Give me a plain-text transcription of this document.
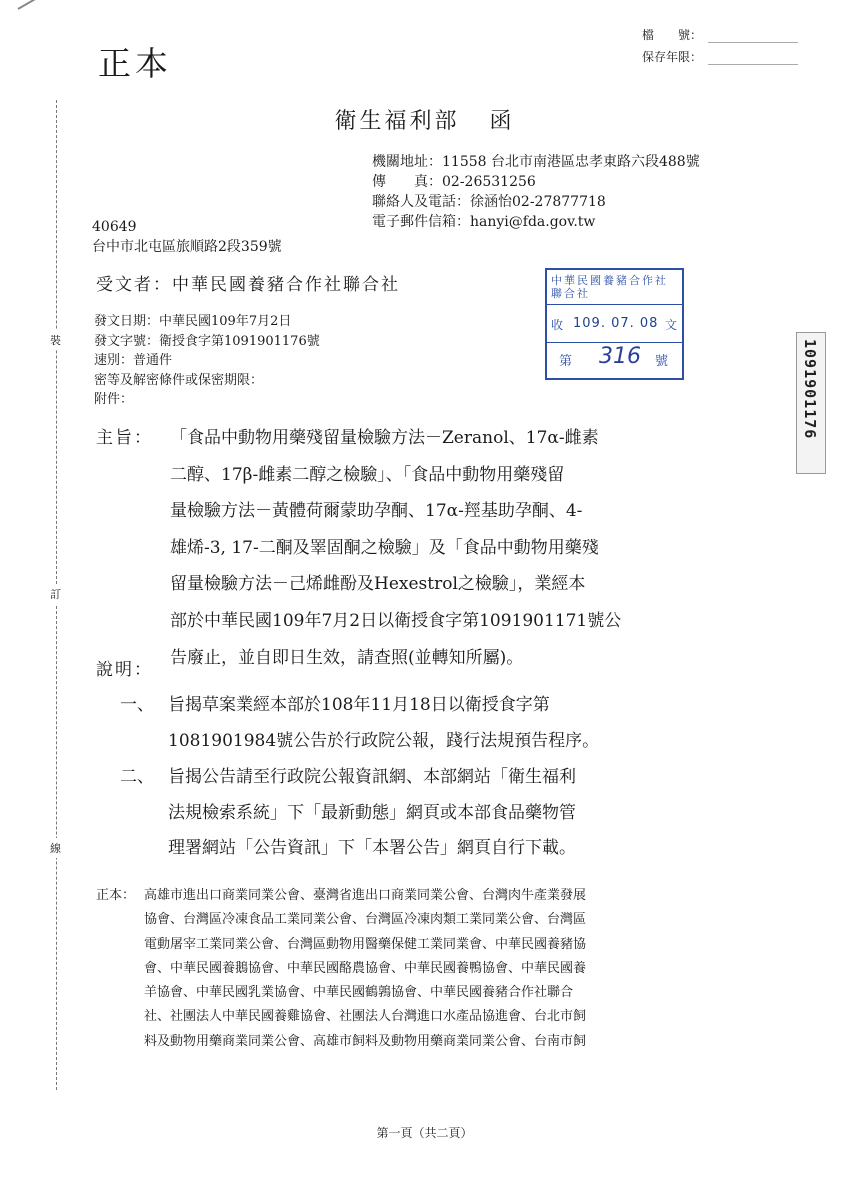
正本
檔　　號：
保存年限：
衛生福利部 函
機關地址：11558 台北市南港區忠孝東路六段488號
傳　　真：02-26531256
聯絡人及電話：徐涵怡02-27877718
電子郵件信箱：hanyi@fda.gov.tw
40649
台中市北屯區旅順路2段359號
受文者：中華民國養豬合作社聯合社
發文日期：中華民國109年7月2日
發文字號：衛授食字第1091901176號
速別：普通件
密等及解密條件或保密期限：
附件：
中華民國養豬合作社聯合社
收 109. 07. 08 文
第 316 號	1091901176
主旨： 「食品中動物用藥殘留量檢驗方法－Zeranol、17α-雌素
二醇、17β-雌素二醇之檢驗」、「食品中動物用藥殘留
量檢驗方法－黃體荷爾蒙助孕酮、17α-羥基助孕酮、4-
雄烯-3, 17-二酮及睪固酮之檢驗」及「食品中動物用藥殘
留量檢驗方法－己烯雌酚及Hexestrol之檢驗」，業經本
部於中華民國109年7月2日以衛授食字第1091901171號公
告廢止，並自即日生效，請查照(並轉知所屬)。
說明：
一、 旨揭草案業經本部於108年11月18日以衛授食字第
1081901984號公告於行政院公報，踐行法規預告程序。
二、 旨揭公告請至行政院公報資訊網、本部網站「衛生福利
法規檢索系統」下「最新動態」網頁或本部食品藥物管
理署網站「公告資訊」下「本署公告」網頁自行下載。
正本： 高雄市進出口商業同業公會、臺灣省進出口商業同業公會、台灣肉牛產業發展
協會、台灣區冷凍食品工業同業公會、台灣區冷凍肉類工業同業公會、台灣區
電動屠宰工業同業公會、台灣區動物用醫藥保健工業同業會、中華民國養豬協
會、中華民國養鵝協會、中華民國酪農協會、中華民國養鴨協會、中華民國養
羊協會、中華民國乳業協會、中華民國鶴鶉協會、中華民國養豬合作社聯合
社、社團法人中華民國養雞協會、社團法人台灣進口水產品協進會、台北市飼
料及動物用藥商業同業公會、高雄市飼料及動物用藥商業同業公會、台南市飼
裝
訂
線
第一頁（共二頁）
